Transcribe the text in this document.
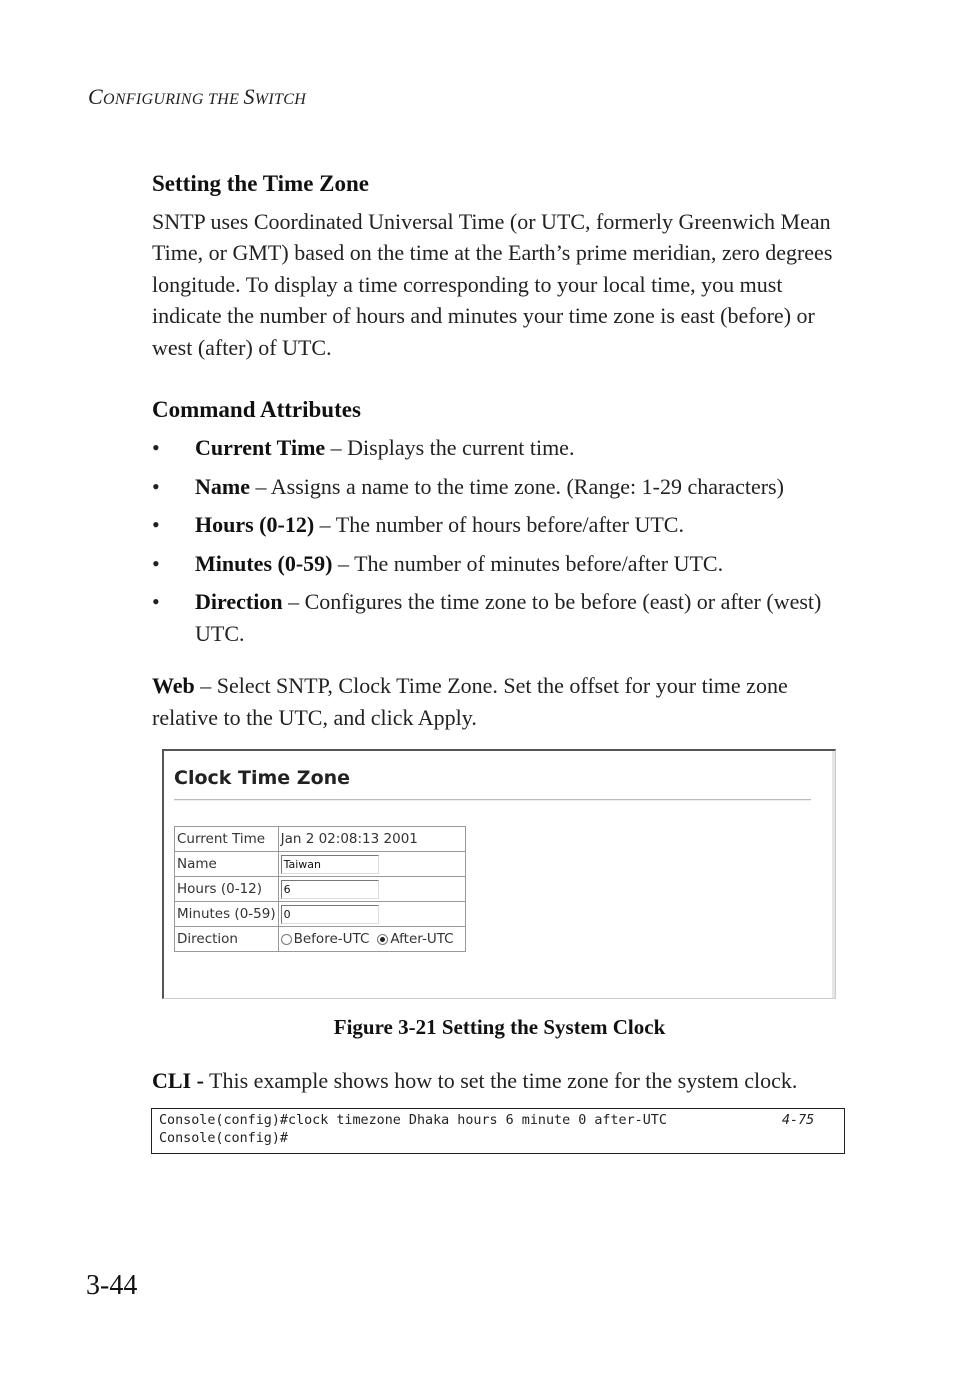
CONFIGURING THE SWITCH
Setting the Time Zone

SNTP uses Coordinated Universal Time (or UTC, formerly Greenwich Mean Time, or GMT) based on the time at the Earth’s prime meridian, zero degrees longitude. To display a time corresponding to your local time, you must indicate the number of hours and minutes your time zone is east (before) or west (after) of UTC.

Command Attributes
• Current Time – Displays the current time.
• Name – Assigns a name to the time zone. (Range: 1-29 characters)
• Hours (0-12) – The number of hours before/after UTC.
• Minutes (0-59) – The number of minutes before/after UTC.
• Direction – Configures the time zone to be before (east) or after (west) UTC.

Web – Select SNTP, Clock Time Zone. Set the offset for your time zone relative to the UTC, and click Apply.

Clock Time Zone
Current Time	Jan 2 02:08:13 2001
Name	Taiwan
Hours (0-12)	6
Minutes (0-59)	0
Direction	Before-UTC After-UTC
Figure 3-21 Setting the System Clock

CLI - This example shows how to set the time zone for the system clock.

Console(config)#clock timezone Dhaka hours 6 minute 0 after-UTC	4-75
Console(config)#
3-44
